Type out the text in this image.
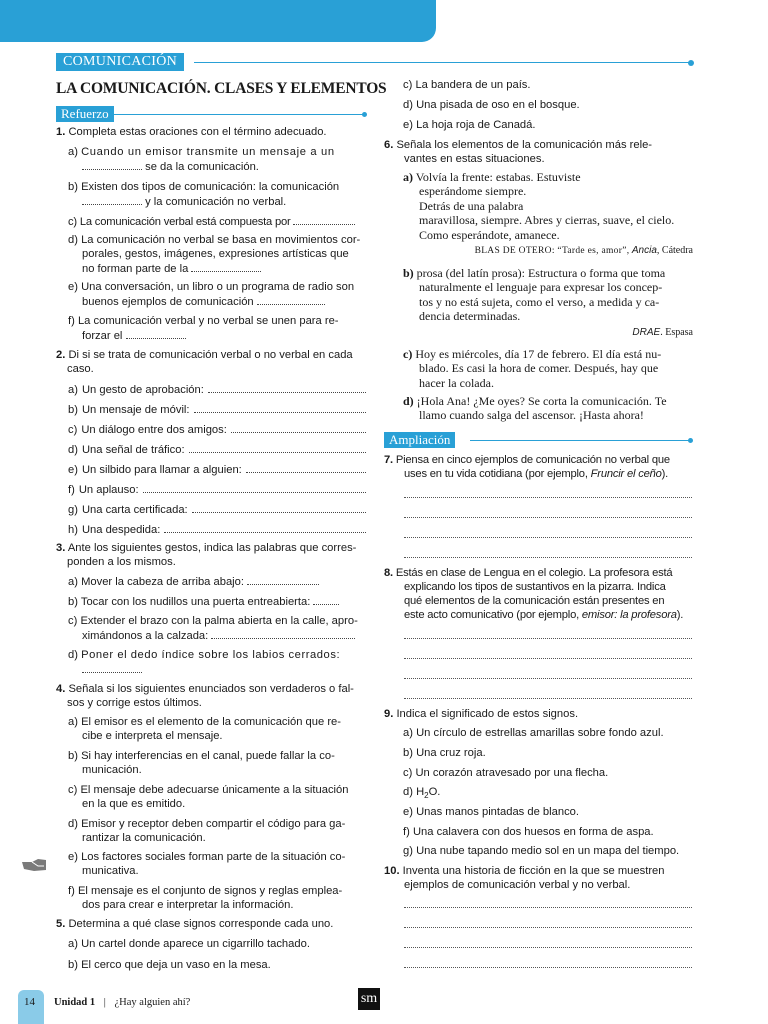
COMUNICACIÓN
LA COMUNICACIÓN. CLASES Y ELEMENTOS
Refuerzo
1. Completa estas oraciones con el término adecuado.
a) Cuando un emisor transmite un mensaje a un
se da la comunicación.
b) Existen dos tipos de comunicación: la comunicación
y la comunicación no verbal.
c) La comunicación verbal está compuesta por
d) La comunicación no verbal se basa en movimientos cor-
porales, gestos, imágenes, expresiones artísticas que
no forman parte de la
e) Una conversación, un libro o un programa de radio son
buenos ejemplos de comunicación
f) La comunicación verbal y no verbal se unen para re-
forzar el
2. Di si se trata de comunicación verbal o no verbal en cada
caso.
a) Un gesto de aprobación:
b) Un mensaje de móvil:
c) Un diálogo entre dos amigos:
d) Una señal de tráfico:
e) Un silbido para llamar a alguien:
f) Un aplauso:
g) Una carta certificada:
h) Una despedida:
3. Ante los siguientes gestos, indica las palabras que corres-
ponden a los mismos.
a) Mover la cabeza de arriba abajo:
b) Tocar con los nudillos una puerta entreabierta:
c) Extender el brazo con la palma abierta en la calle, apro-
ximándonos a la calzada:
d) Poner el dedo índice sobre los labios cerrados:
4. Señala si los siguientes enunciados son verdaderos o fal-
sos y corrige estos últimos.
a) El emisor es el elemento de la comunicación que re-
cibe e interpreta el mensaje.
b) Si hay interferencias en el canal, puede fallar la co-
municación.
c) El mensaje debe adecuarse únicamente a la situación
en la que es emitido.
d) Emisor y receptor deben compartir el código para ga-
rantizar la comunicación.
e) Los factores sociales forman parte de la situación co-
municativa.
f) El mensaje es el conjunto de signos y reglas emplea-
dos para crear e interpretar la información.
5. Determina a qué clase signos corresponde cada uno.
a) Un cartel donde aparece un cigarrillo tachado.
b) El cerco que deja un vaso en la mesa.
c) La bandera de un país.
d) Una pisada de oso en el bosque.
e) La hoja roja de Canadá.
6. Señala los elementos de la comunicación más rele-
vantes en estas situaciones.
a) Volvía la frente: estabas. Estuviste
esperándome siempre.
Detrás de una palabra
maravillosa, siempre. Abres y cierras, suave, el cielo.
Como esperándote, amanece.
BLAS DE OTERO: “Tarde es, amor”, Ancia, Cátedra
b) prosa (del latín prosa): Estructura o forma que toma
naturalmente el lenguaje para expresar los concep-
tos y no está sujeta, como el verso, a medida y ca-
dencia determinadas.
DRAE. Espasa
c) Hoy es miércoles, día 17 de febrero. El día está nu-
blado. Es casi la hora de comer. Después, hay que
hacer la colada.
d) ¡Hola Ana! ¿Me oyes? Se corta la comunicación. Te
llamo cuando salga del ascensor. ¡Hasta ahora!
Ampliación
7. Piensa en cinco ejemplos de comunicación no verbal que
uses en tu vida cotidiana (por ejemplo, Fruncir el ceño).
8. Estás en clase de Lengua en el colegio. La profesora está
explicando los tipos de sustantivos en la pizarra. Indica
qué elementos de la comunicación están presentes en
este acto comunicativo (por ejemplo, emisor: la profesora).
9. Indica el significado de estos signos.
a) Un círculo de estrellas amarillas sobre fondo azul.
b) Una cruz roja.
c) Un corazón atravesado por una flecha.
d) $H_2O$.
e) Unas manos pintadas de blanco.
f) Una calavera con dos huesos en forma de aspa.
g) Una nube tapando medio sol en un mapa del tiempo.
10. Inventa una historia de ficción en la que se muestren
ejemplos de comunicación verbal y no verbal.
14 Unidad 1 | ¿Hay alguien ahí?	sm
